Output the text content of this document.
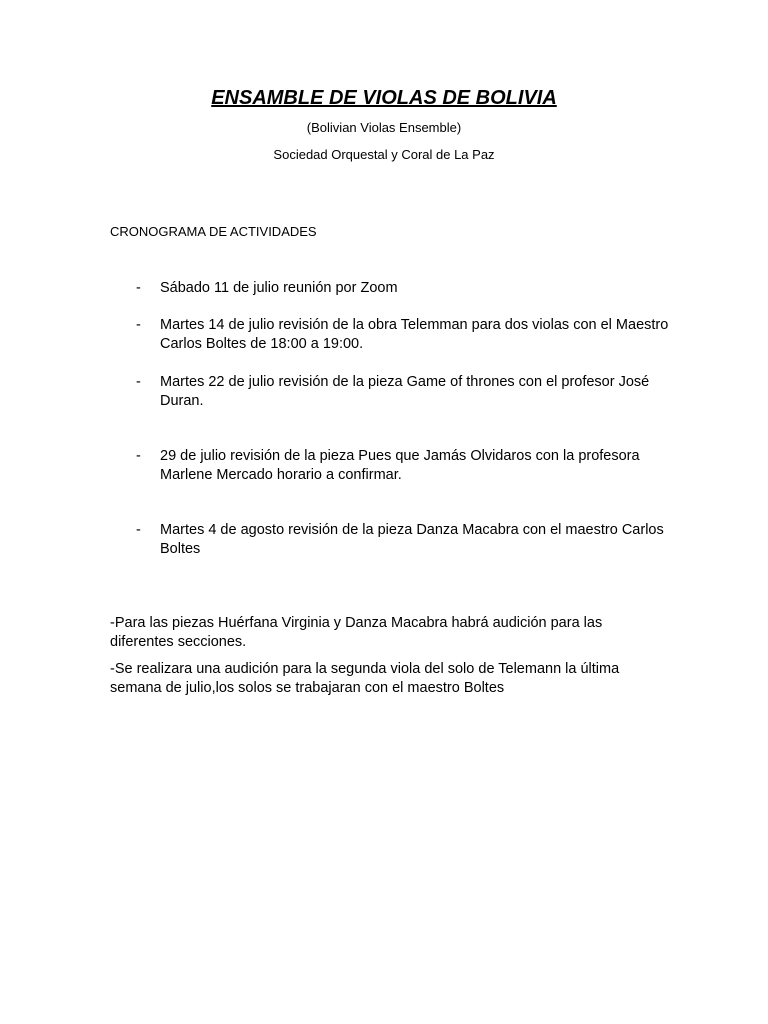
ENSAMBLE DE VIOLAS DE BOLIVIA

(Bolivian Violas Ensemble)

Sociedad Orquestal y Coral de La Paz

CRONOGRAMA DE ACTIVIDADES

- Sábado 11 de julio reunión por Zoom
- Martes 14 de julio revisión de la obra Telemman para dos violas con el Maestro Carlos Boltes de 18:00 a 19:00.
- Martes 22 de julio revisión de la pieza Game of thrones con el profesor José Duran.
- 29 de julio revisión de la pieza Pues que Jamás Olvidaros con la profesora Marlene Mercado horario a confirmar.
- Martes 4 de agosto revisión de la pieza Danza Macabra con el maestro Carlos Boltes

-Para las piezas Huérfana Virginia y Danza Macabra habrá audición para las diferentes secciones.

-Se realizara una audición para la segunda viola del solo de Telemann la última semana de julio,los solos se trabajaran con el maestro Boltes
